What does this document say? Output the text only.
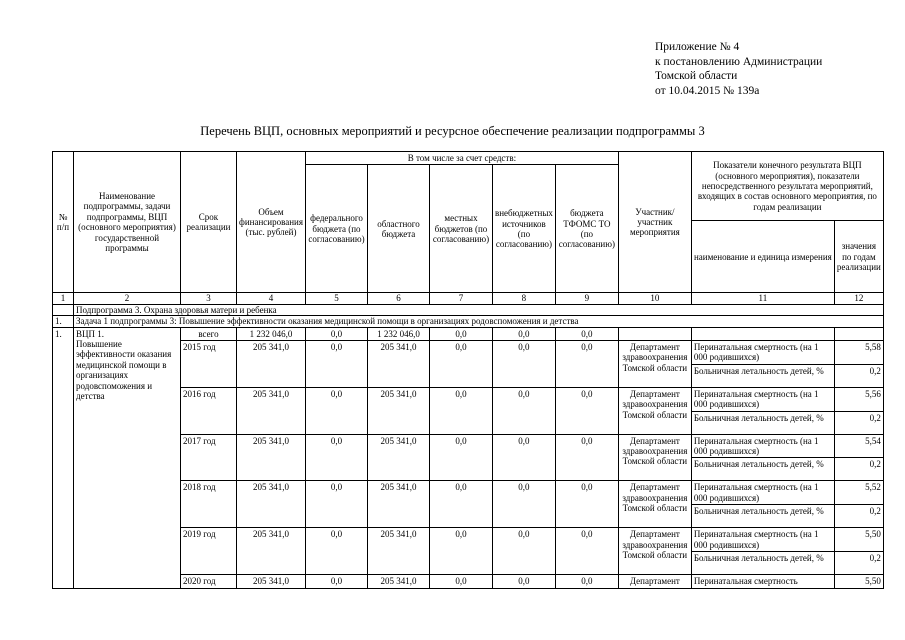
Приложение № 4
к постановлению Администрации
Томской области
от 10.04.2015 № 139а
Перечень ВЦП, основных мероприятий и ресурсное обеспечение реализации подпрограммы 3
№ п/п	Наименование подпрограммы, задачи подпрограммы, ВЦП (основного мероприятия) государственной программы	Срок реализации	Объем финансирования (тыс. рублей)	В том числе за счет средств:					Участник/ участник мероприятия	Показатели конечного результата ВЦП (основного мероприятия), показатели непосредственного результата мероприятий, входящих в состав основного мероприятия, по годам реализации	
				федерального бюджета (по согласованию)	областного бюджета	местных бюджетов (по согласованию)	внебюджетных источников (по согласованию)	бюджета ТФОМС ТО (по согласованию)			
										наименование и единица измерения	значения по годам реализации
1	2	3	4	5	6	7	8	9	10	11	12
	Подпрограмма 3. Охрана здоровья матери и ребенка										
1.	Задача 1 подпрограммы 3: Повышение эффективности оказания медицинской помощи в организациях родовспоможения и детства										
1.	ВЦП 1.
Повышение эффективности оказания медицинской помощи в организациях родовспоможения и детства	всего	1 232 046,0	0,0	1 232 046,0	0,0	0,0	0,0			
		2015 год	205 341,0	0,0	205 341,0	0,0	0,0	0,0	Департамент здравоохранения Томской области	Перинатальная смертность (на 1 000 родившихся)	5,58
										Больничная летальность детей, %	0,2
		2016 год	205 341,0	0,0	205 341,0	0,0	0,0	0,0	Департамент здравоохранения Томской области	Перинатальная смертность (на 1 000 родившихся)	5,56
										Больничная летальность детей, %	0,2
		2017 год	205 341,0	0,0	205 341,0	0,0	0,0	0,0	Департамент здравоохранения Томской области	Перинатальная смертность (на 1 000 родившихся)	5,54
										Больничная летальность детей, %	0,2
		2018 год	205 341,0	0,0	205 341,0	0,0	0,0	0,0	Департамент здравоохранения Томской области	Перинатальная смертность (на 1 000 родившихся)	5,52
										Больничная летальность детей, %	0,2
		2019 год	205 341,0	0,0	205 341,0	0,0	0,0	0,0	Департамент здравоохранения Томской области	Перинатальная смертность (на 1 000 родившихся)	5,50
										Больничная летальность детей, %	0,2
		2020 год	205 341,0	0,0	205 341,0	0,0	0,0	0,0	Департамент	Перинатальная смертность	5,50
